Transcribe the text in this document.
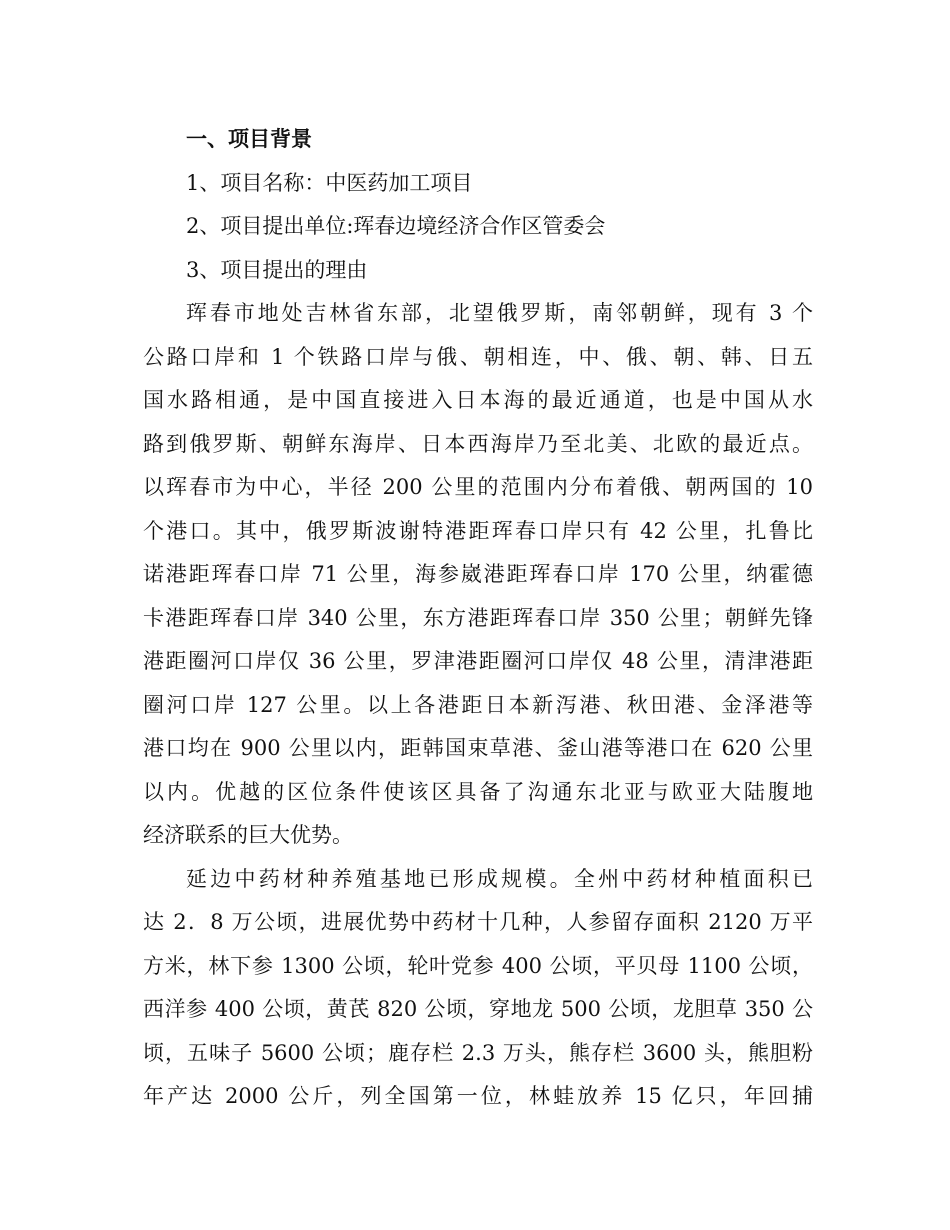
一、项目背景

1、项目名称：中医药加工项目

2、项目提出单位:珲春边境经济合作区管委会

3、项目提出的理由

珲春市地处吉林省东部，北望俄罗斯，南邻朝鲜，现有 3 个
公路口岸和 1 个铁路口岸与俄、朝相连，中、俄、朝、韩、日五
国水路相通，是中国直接进入日本海的最近通道，也是中国从水
路到俄罗斯、朝鲜东海岸、日本西海岸乃至北美、北欧的最近点。
以珲春市为中心，半径 200 公里的范围内分布着俄、朝两国的 10
个港口。其中，俄罗斯波谢特港距珲春口岸只有 42 公里，扎鲁比
诺港距珲春口岸 71 公里，海参崴港距珲春口岸 170 公里，纳霍德
卡港距珲春口岸 340 公里，东方港距珲春口岸 350 公里；朝鲜先锋
港距圈河口岸仅 36 公里，罗津港距圈河口岸仅 48 公里，清津港距
圈河口岸 127 公里。以上各港距日本新泻港、秋田港、金泽港等
港口均在 900 公里以内，距韩国束草港、釜山港等港口在 620 公里
以内。优越的区位条件使该区具备了沟通东北亚与欧亚大陆腹地
经济联系的巨大优势。
延边中药材种养殖基地已形成规模。全州中药材种植面积已
达 2．8 万公顷，进展优势中药材十几种，人参留存面积 2120 万平
方米，林下参 1300 公顷，轮叶党参 400 公顷，平贝母 1100 公顷，
西洋参 400 公顷，黄芪 820 公顷，穿地龙 500 公顷，龙胆草 350 公
顷，五味子 5600 公顷；鹿存栏 2.3 万头，熊存栏 3600 头，熊胆粉
年产达 2000 公斤，列全国第一位，林蛙放养 15 亿只，年回捕
